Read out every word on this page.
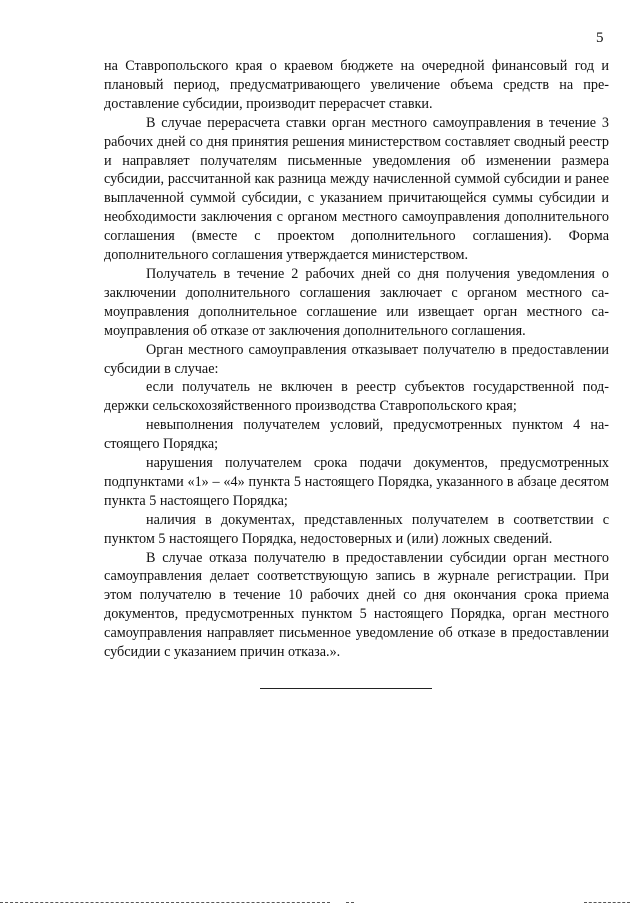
5

на Ставропольского края о краевом бюджете на очередной финансовый год и плановый период, предусматривающего увеличение объема средств на предоставление субсидии, производит перерасчет ставки.

В случае перерасчета ставки орган местного самоуправления в течение 3 рабочих дней со дня принятия решения министерством составляет сводный реестр и направляет получателям письменные уведомления об изменении размера субсидии, рассчитанной как разница между начисленной суммой субсидии и ранее выплаченной суммой субсидии, с указанием причитающейся суммы субсидии и необходимости заключения с органом местного самоуправления дополнительного соглашения (вместе с проектом дополнительного соглашения). Форма дополнительного соглашения утверждается министерством.

Получатель в течение 2 рабочих дней со дня получения уведомления о заключении дополнительного соглашения заключает с органом местного самоуправления дополнительное соглашение или извещает орган местного самоуправления об отказе от заключения дополнительного соглашения.

Орган местного самоуправления отказывает получателю в предоставлении субсидии в случае:

если получатель не включен в реестр субъектов государственной поддержки сельскохозяйственного производства Ставропольского края;

невыполнения получателем условий, предусмотренных пунктом 4 настоящего Порядка;

нарушения получателем срока подачи документов, предусмотренных подпунктами «1» – «4» пункта 5 настоящего Порядка, указанного в абзаце десятом пункта 5 настоящего Порядка;

наличия в документах, представленных получателем в соответствии с пунктом 5 настоящего Порядка, недостоверных и (или) ложных сведений.

В случае отказа получателю в предоставлении субсидии орган местного самоуправления делает соответствующую запись в журнале регистрации. При этом получателю в течение 10 рабочих дней со дня окончания срока приема документов, предусмотренных пунктом 5 настоящего Порядка, орган местного самоуправления направляет письменное уведомление об отказе в предоставлении субсидии с указанием причин отказа.».
